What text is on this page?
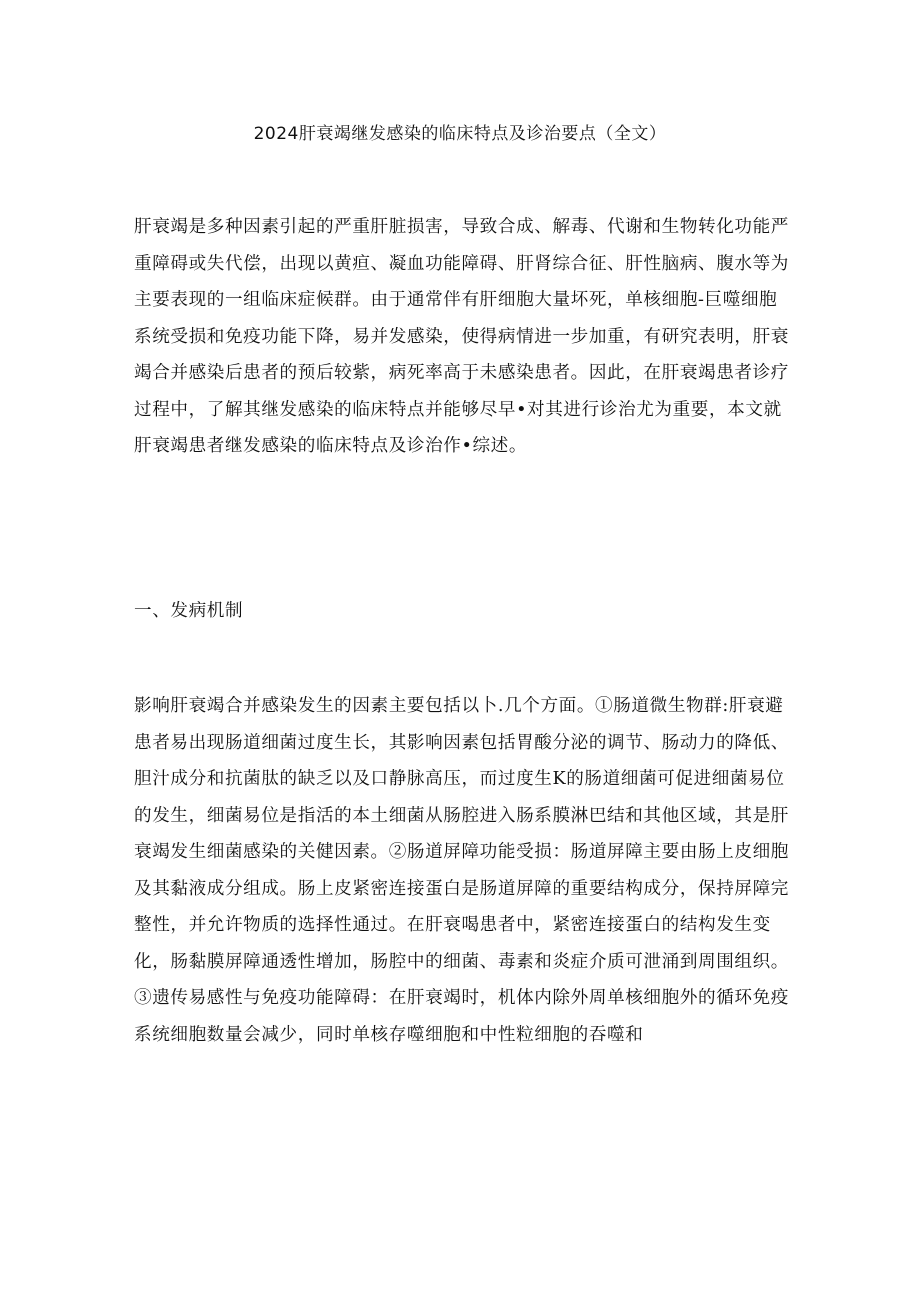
2024肝衰竭继发感染的临床特点及诊治要点（全文）

肝衰竭是多种因素引起的严重肝脏损害，导致合成、解毒、代谢和生物转化功能严重障碍或失代偿，出现以黄疸、凝血功能障碍、肝肾综合征、肝性脑病、腹水等为主要表现的一组临床症候群。由于通常伴有肝细胞大量坏死，单核细胞-巨噬细胞系统受损和免疫功能下降，易并发感染，使得病情进一步加重，有研究表明，肝衰竭合并感染后患者的预后较紫，病死率高于未感染患者。因此，在肝衰竭患者诊疗过程中，了解其继发感染的临床特点并能够尽早•对其进行诊治尤为重要，本文就肝衰竭患者继发感染的临床特点及诊治作•综述。

一、发病机制

影响肝衰竭合并感染发生的因素主要包括以卜.几个方面。①肠道微生物群:肝衰避患者易出现肠道细菌过度生长，其影响因素包括胃酸分泌的调节、肠动力的降低、胆汁成分和抗菌肽的缺乏以及口静脉高压，而过度生K的肠道细菌可促进细菌易位的发生，细菌易位是指活的本土细菌从肠腔进入肠系膜淋巴结和其他区域，其是肝衰竭发生细菌感染的关健因素。②肠道屏障功能受损：肠道屏障主要由肠上皮细胞及其黏液成分组成。肠上皮紧密连接蛋白是肠道屏障的重要结构成分，保持屏障完整性，并允许物质的选择性通过。在肝衰喝患者中，紧密连接蛋白的结构发生变化，肠黏膜屏障通透性增加，肠腔中的细菌、毒素和炎症介质可泄涌到周围组织。③遗传易感性与免疫功能障碍：在肝衰竭时，机体内除外周单核细胞外的循环免疫系统细胞数量会减少，同时单核存噬细胞和中性粒细胞的吞噬和
